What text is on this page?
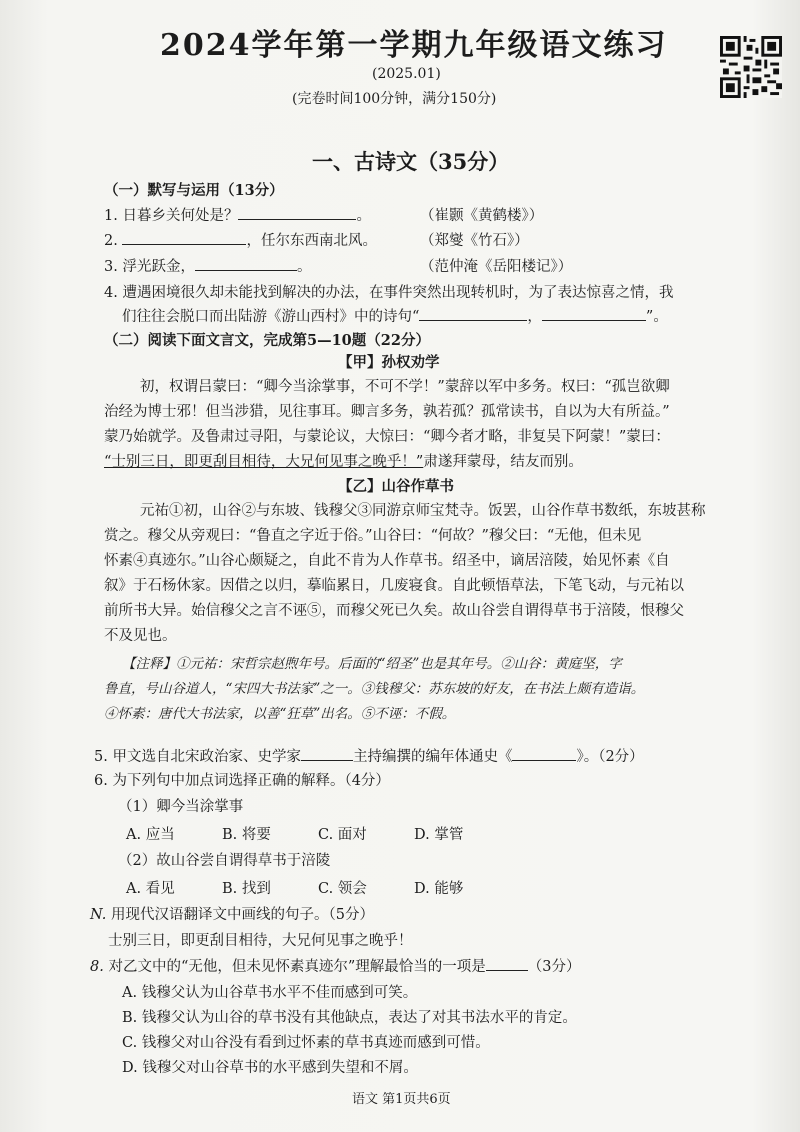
2024学年第一学期九年级语文练习
(2025.01)
(完卷时间100分钟，满分150分)
一、古诗文（35分）
（一）默写与运用（13分）
1. 日暮乡关何处是？	。	（崔颢《黄鹤楼》）
2.	，任尔东西南北风。	（郑燮《竹石》）
3. 浮光跃金，	。	（范仲淹《岳阳楼记》）
4. 遭遇困境很久却未能找到解决的办法，在事件突然出现转机时，为了表达惊喜之情，我
们往往会脱口而出陆游《游山西村》中的诗句“	，	”。
（二）阅读下面文言文，完成第5—10题（22分）
【甲】孙权劝学
初，权谓吕蒙曰：“卿今当涂掌事，不可不学！”蒙辞以军中多务。权曰：“孤岂欲卿
治经为博士邪！但当涉猎，见往事耳。卿言多务，孰若孤？孤常读书，自以为大有所益。”
蒙乃始就学。及鲁肃过寻阳，与蒙论议，大惊曰：“卿今者才略，非复吴下阿蒙！”蒙曰：
“士别三日，即更刮目相待，大兄何见事之晚乎！”肃遂拜蒙母，结友而别。
【乙】山谷作草书
元祐①初，山谷②与东坡、钱穆父③同游京师宝梵寺。饭罢，山谷作草书数纸，东坡甚称
赏之。穆父从旁观曰：“鲁直之字近于俗。”山谷曰：“何故？”穆父曰：“无他，但未见
怀素④真迹尔。”山谷心颇疑之，自此不肯为人作草书。绍圣中，谪居涪陵，始见怀素《自
叙》于石杨休家。因借之以归，摹临累日，几废寝食。自此顿悟草法，下笔飞动，与元祐以
前所书大异。始信穆父之言不诬⑤，而穆父死已久矣。故山谷尝自谓得草书于涪陵，恨穆父
不及见也。
【注释】①元祐：宋哲宗赵煦年号。后面的“绍圣”也是其年号。②山谷：黄庭坚，字
鲁直，号山谷道人，“宋四大书法家”之一。③钱穆父：苏东坡的好友，在书法上颇有造诣。
④怀素：唐代大书法家，以善“狂草”出名。⑤不诬：不假。
5. 甲文选自北宋政治家、史学家	主持编撰的编年体通史《	》。（2分）
6. 为下列句中加点词选择正确的解释。（4分）
（1）卿今当涂掌事
A. 应当	B. 将要	C. 面对	D. 掌管
（2）故山谷尝自谓得草书于涪陵
A. 看见	B. 找到	C. 领会	D. 能够
N. 用现代汉语翻译文中画线的句子。（5分）
士别三日，即更刮目相待，大兄何见事之晚乎！
8. 对乙文中的“无他，但未见怀素真迹尔”理解最恰当的一项是	（3分）
A. 钱穆父认为山谷草书水平不佳而感到可笑。
B. 钱穆父认为山谷的草书没有其他缺点，表达了对其书法水平的肯定。
C. 钱穆父对山谷没有看到过怀素的草书真迹而感到可惜。
D. 钱穆父对山谷草书的水平感到失望和不屑。
语文 第1页共6页
